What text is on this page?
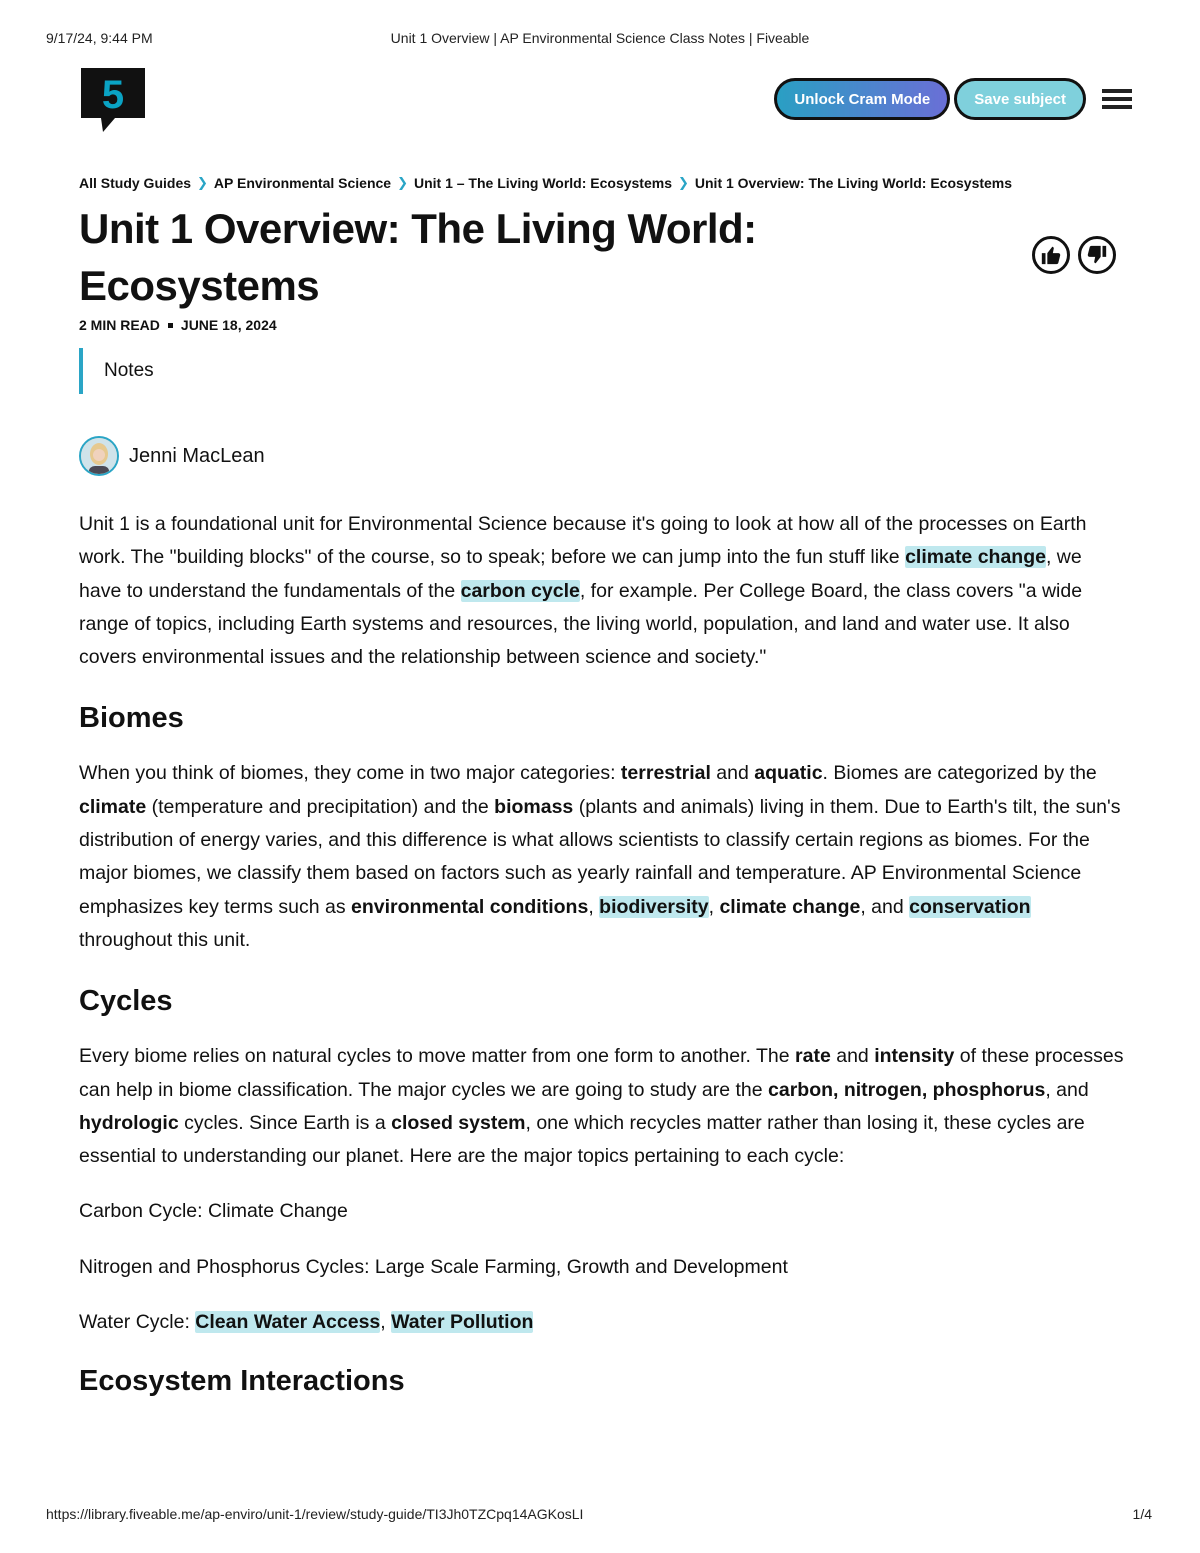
9/17/24, 9:44 PM	Unit 1 Overview | AP Environmental Science Class Notes | Fiveable
5	Unlock Cram Mode	Save subject
All Study Guides ❯ AP Environmental Science ❯ Unit 1 – The Living World: Ecosystems ❯ Unit 1 Overview: The Living World: Ecosystems
Unit 1 Overview: The Living World: Ecosystems
2 MIN READ JUNE 18, 2024
Notes
Jenni MacLean

Unit 1 is a foundational unit for Environmental Science because it's going to look at how all of the processes on Earth work. The "building blocks" of the course, so to speak; before we can jump into the fun stuff like climate change, we have to understand the fundamentals of the carbon cycle, for example. Per College Board, the class covers "a wide range of topics, including Earth systems and resources, the living world, population, and land and water use. It also covers environmental issues and the relationship between science and society."

Biomes

When you think of biomes, they come in two major categories: terrestrial and aquatic. Biomes are categorized by the climate (temperature and precipitation) and the biomass (plants and animals) living in them. Due to Earth's tilt, the sun's distribution of energy varies, and this difference is what allows scientists to classify certain regions as biomes. For the major biomes, we classify them based on factors such as yearly rainfall and temperature. AP Environmental Science emphasizes key terms such as environmental conditions, biodiversity, climate change, and conservation throughout this unit.

Cycles

Every biome relies on natural cycles to move matter from one form to another. The rate and intensity of these processes can help in biome classification. The major cycles we are going to study are the carbon, nitrogen, phosphorus, and hydrologic cycles. Since Earth is a closed system, one which recycles matter rather than losing it, these cycles are essential to understanding our planet. Here are the major topics pertaining to each cycle:

Carbon Cycle: Climate Change

Nitrogen and Phosphorus Cycles: Large Scale Farming, Growth and Development

Water Cycle: Clean Water Access, Water Pollution

Ecosystem Interactions
https://library.fiveable.me/ap-enviro/unit-1/review/study-guide/TI3Jh0TZCpq14AGKosLI	1/4
